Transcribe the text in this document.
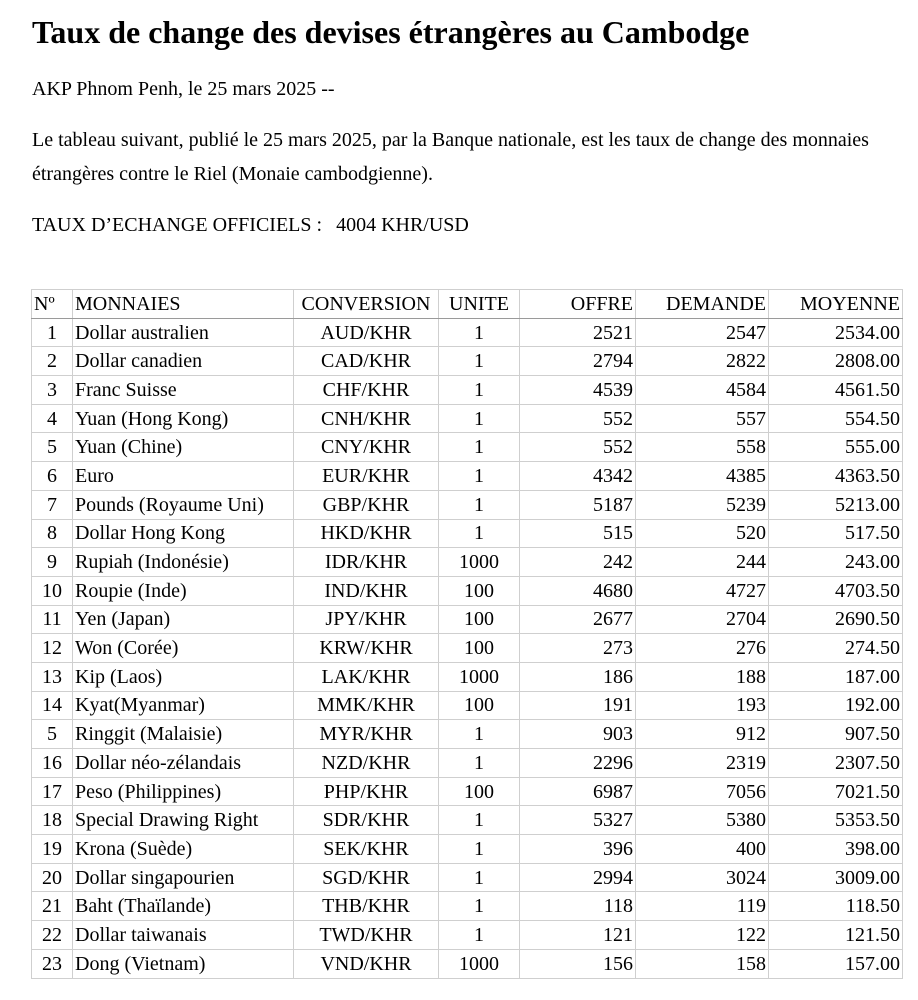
Taux de change des devises étrangères au Cambodge

AKP Phnom Penh, le 25 mars 2025 --

Le tableau suivant, publié le 25 mars 2025, par la Banque nationale, est les taux de change des monnaies étrangères contre le Riel (Monaie cambodgienne).

TAUX D’ECHANGE OFFICIELS : 4004 KHR/USD

Nº	MONNAIES	CONVERSION	UNITE	OFFRE	DEMANDE	MOYENNE
1	Dollar australien	AUD/KHR	1	2521	2547	2534.00
2	Dollar canadien	CAD/KHR	1	2794	2822	2808.00
3	Franc Suisse	CHF/KHR	1	4539	4584	4561.50
4	Yuan (Hong Kong)	CNH/KHR	1	552	557	554.50
5	Yuan (Chine)	CNY/KHR	1	552	558	555.00
6	Euro	EUR/KHR	1	4342	4385	4363.50
7	Pounds (Royaume Uni)	GBP/KHR	1	5187	5239	5213.00
8	Dollar Hong Kong	HKD/KHR	1	515	520	517.50
9	Rupiah (Indonésie)	IDR/KHR	1000	242	244	243.00
10	Roupie (Inde)	IND/KHR	100	4680	4727	4703.50
11	Yen (Japan)	JPY/KHR	100	2677	2704	2690.50
12	Won (Corée)	KRW/KHR	100	273	276	274.50
13	Kip (Laos)	LAK/KHR	1000	186	188	187.00
14	Kyat(Myanmar)	MMK/KHR	100	191	193	192.00
5	Ringgit (Malaisie)	MYR/KHR	1	903	912	907.50
16	Dollar néo-zélandais	NZD/KHR	1	2296	2319	2307.50
17	Peso (Philippines)	PHP/KHR	100	6987	7056	7021.50
18	Special Drawing Right	SDR/KHR	1	5327	5380	5353.50
19	Krona (Suède)	SEK/KHR	1	396	400	398.00
20	Dollar singapourien	SGD/KHR	1	2994	3024	3009.00
21	Baht (Thaïlande)	THB/KHR	1	118	119	118.50
22	Dollar taiwanais	TWD/KHR	1	121	122	121.50
23	Dong (Vietnam)	VND/KHR	1000	156	158	157.00
